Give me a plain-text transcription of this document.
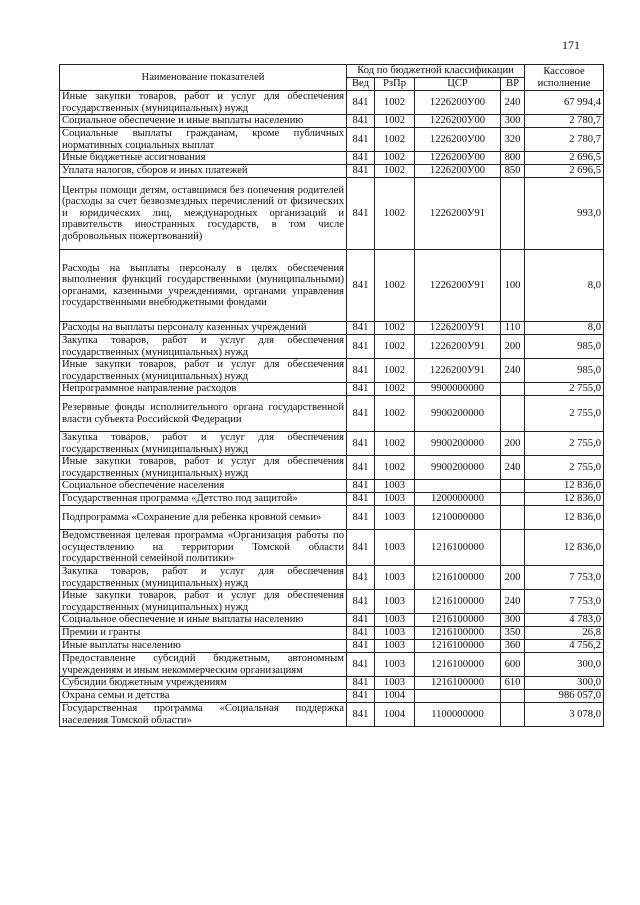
171
Наименование показателей	Код по бюджетной классификации				Кассовое исполнение
	Вед	РзПр	ЦСР	ВР	
Иные закупки товаров, работ и услуг для обеспечения государственных (муниципальных) нужд	841	1002	1226200У00	240	67 994,4
Социальное обеспечение и иные выплаты населению	841	1002	1226200У00	300	2 780,7
Социальные выплаты гражданам, кроме публичных нормативных социальных выплат	841	1002	1226200У00	320	2 780,7
Иные бюджетные ассигнования	841	1002	1226200У00	800	2 696,5
Уплата налогов, сборов и иных платежей	841	1002	1226200У00	850	2 696,5
Центры помощи детям, оставшимся без попечения родителей (расходы за счет безвозмездных перечислений от физических и юридических лиц, международных организаций и правительств иностранных государств, в том числе добровольных пожертвований)	841	1002	1226200У91		993,0
Расходы на выплаты персоналу в целях обеспечения выполнения функций государственными (муниципальными) органами, казенными учреждениями, органами управления государственными внебюджетными фондами	841	1002	1226200У91	100	8,0
Расходы на выплаты персоналу казенных учреждений	841	1002	1226200У91	110	8,0
Закупка товаров, работ и услуг для обеспечения государственных (муниципальных) нужд	841	1002	1226200У91	200	985,0
Иные закупки товаров, работ и услуг для обеспечения государственных (муниципальных) нужд	841	1002	1226200У91	240	985,0
Непрограммное направление расходов	841	1002	9900000000		2 755,0
Резервные фонды исполнительного органа государственной власти субъекта Российской Федерации	841	1002	9900200000		2 755,0
Закупка товаров, работ и услуг для обеспечения государственных (муниципальных) нужд	841	1002	9900200000	200	2 755,0
Иные закупки товаров, работ и услуг для обеспечения государственных (муниципальных) нужд	841	1002	9900200000	240	2 755,0
Социальное обеспечение населения	841	1003			12 836,0
Государственная программа «Детство под защитой»	841	1003	1200000000		12 836,0
Подпрограмма «Сохранение для ребенка кровной семьи»	841	1003	1210000000		12 836,0
Ведомственная целевая программа «Организация работы по осуществлению на территории Томской области государственной семейной политики»	841	1003	1216100000		12 836,0
Закупка товаров, работ и услуг для обеспечения государственных (муниципальных) нужд	841	1003	1216100000	200	7 753,0
Иные закупки товаров, работ и услуг для обеспечения государственных (муниципальных) нужд	841	1003	1216100000	240	7 753,0
Социальное обеспечение и иные выплаты населению	841	1003	1216100000	300	4 783,0
Премии и гранты	841	1003	1216100000	350	26,8
Иные выплаты населению	841	1003	1216100000	360	4 756,2
Предоставление субсидий бюджетным, автономным учреждениям и иным некоммерческим организациям	841	1003	1216100000	600	300,0
Субсидии бюджетным учреждениям	841	1003	1216100000	610	300,0
Охрана семьи и детства	841	1004			986 057,0
Государственная программа «Социальная поддержка населения Томской области»	841	1004	1100000000		3 078,0
